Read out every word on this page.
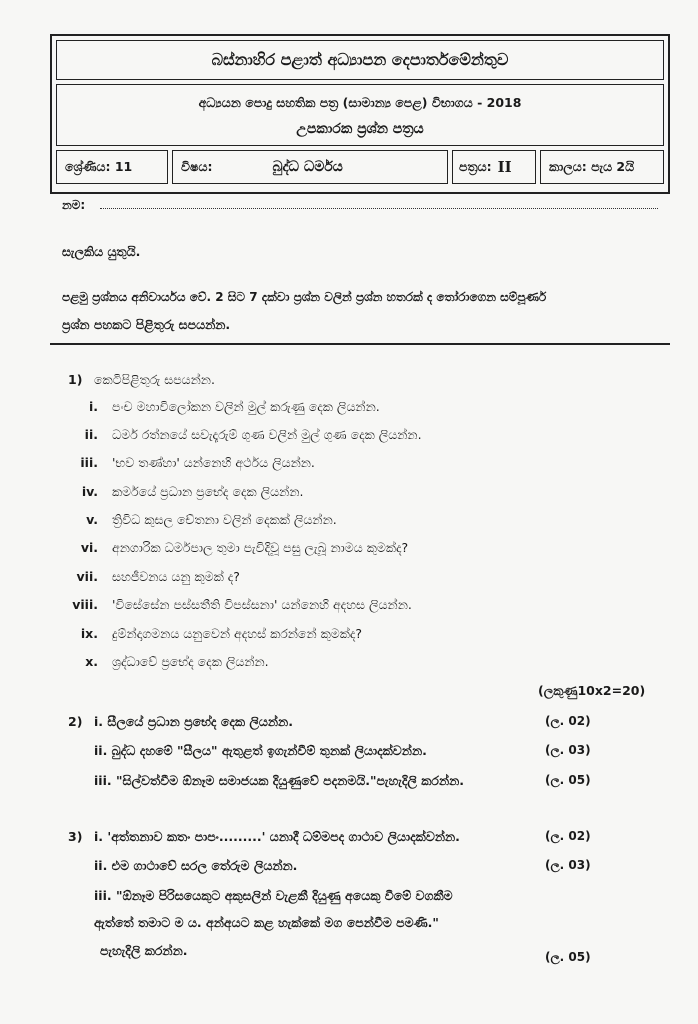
බස්නාහිර පළාත් අධ්‍යාපන දෙපාර්තමේන්තුව
අධ්‍යයන පොදු සහතික පත්‍ර (සාමාන්‍ය පෙළ) විභාගය - 2018
උපකාරක ප්‍රශ්න පත්‍රය
ශ්‍රේණිය: 11	විෂය:	බුද්ධ ධර්මය	පත්‍රය: II	කාලය: පැය 2යි
නම:
සැලකිය යුතුයි.
පළමු ප්‍රශ්නය අනිවාර්යය වේ. 2 සිට 7 දක්වා ප්‍රශ්න වලින් ප්‍රශ්න හතරක් ද තෝරාගෙන සම්පූර්ණ
ප්‍රශ්න පහකට පිළිතුරු සපයන්න.
1) කෙටිපිළිතුරු සපයන්න.
i. පංච මහාවිලෝකන වලින් මුල් කරුණු දෙක ලියන්න.
ii. ධර්ම රත්නයේ සවැදෑරුම් ගුණ වලින් මුල් ගුණ දෙක ලියන්න.
iii. 'භව තණ්හා' යන්නෙහි අර්ථය ලියන්න.
iv. කර්මයේ ප්‍රධාන ප්‍රභේද දෙක ලියන්න.
v. ත්‍රිවිධ කුසල චේතනා වලින් දෙකක් ලියන්න.
vi. අනගාරික ධර්මපාල තුමා පැවිදිවූ පසු ලැබූ නාමය කුමක්ද?
vii. සහජීවනය යනු කුමක් ද?
viii. 'විසේසේන පස්සතීති විපස්සනා' යන්නෙහි අදහස ලියන්න.
ix. දුම්න්දාගමනය යනුවෙන් අදහස් කරන්නේ කුමක්ද?
x. ශ්‍රද්ධාවේ ප්‍රභේද දෙක ලියන්න.
(ලකුණු10x2=20)
2) i. සීලයේ ප්‍රධාන ප්‍රභේද දෙක ලියන්න.	(ල. 02)
ii. බුද්ධ දහමේ "සීලය" ඇතුළත් ඉගැන්වීම් තුනක් ලියාදක්වන්න.	(ල. 03)
iii. "සිල්වත්වීම ඕනෑම සමාජයක දියුණුවේ පදනමයි."පැහැදිලි කරන්න.	(ල. 05)
3) i. 'අත්තනාව කතං පාපං.........' යනාදී ධම්මපද ගාථාව ලියාදක්වන්න.	(ල. 02)
ii. එම ගාථාවේ සරල තේරුම ලියන්න.	(ල. 03)
iii. "ඕනෑම පිරිසයෙකුට අකුසලින් වැළකී දියුණු අයෙකු වීමේ වගකීම
ඇත්තේ තමාට ම ය. අන්අයට කළ හැක්කේ මග පෙන්වීම පමණි."
පැහැදිලි කරන්න.	(ල. 05)
